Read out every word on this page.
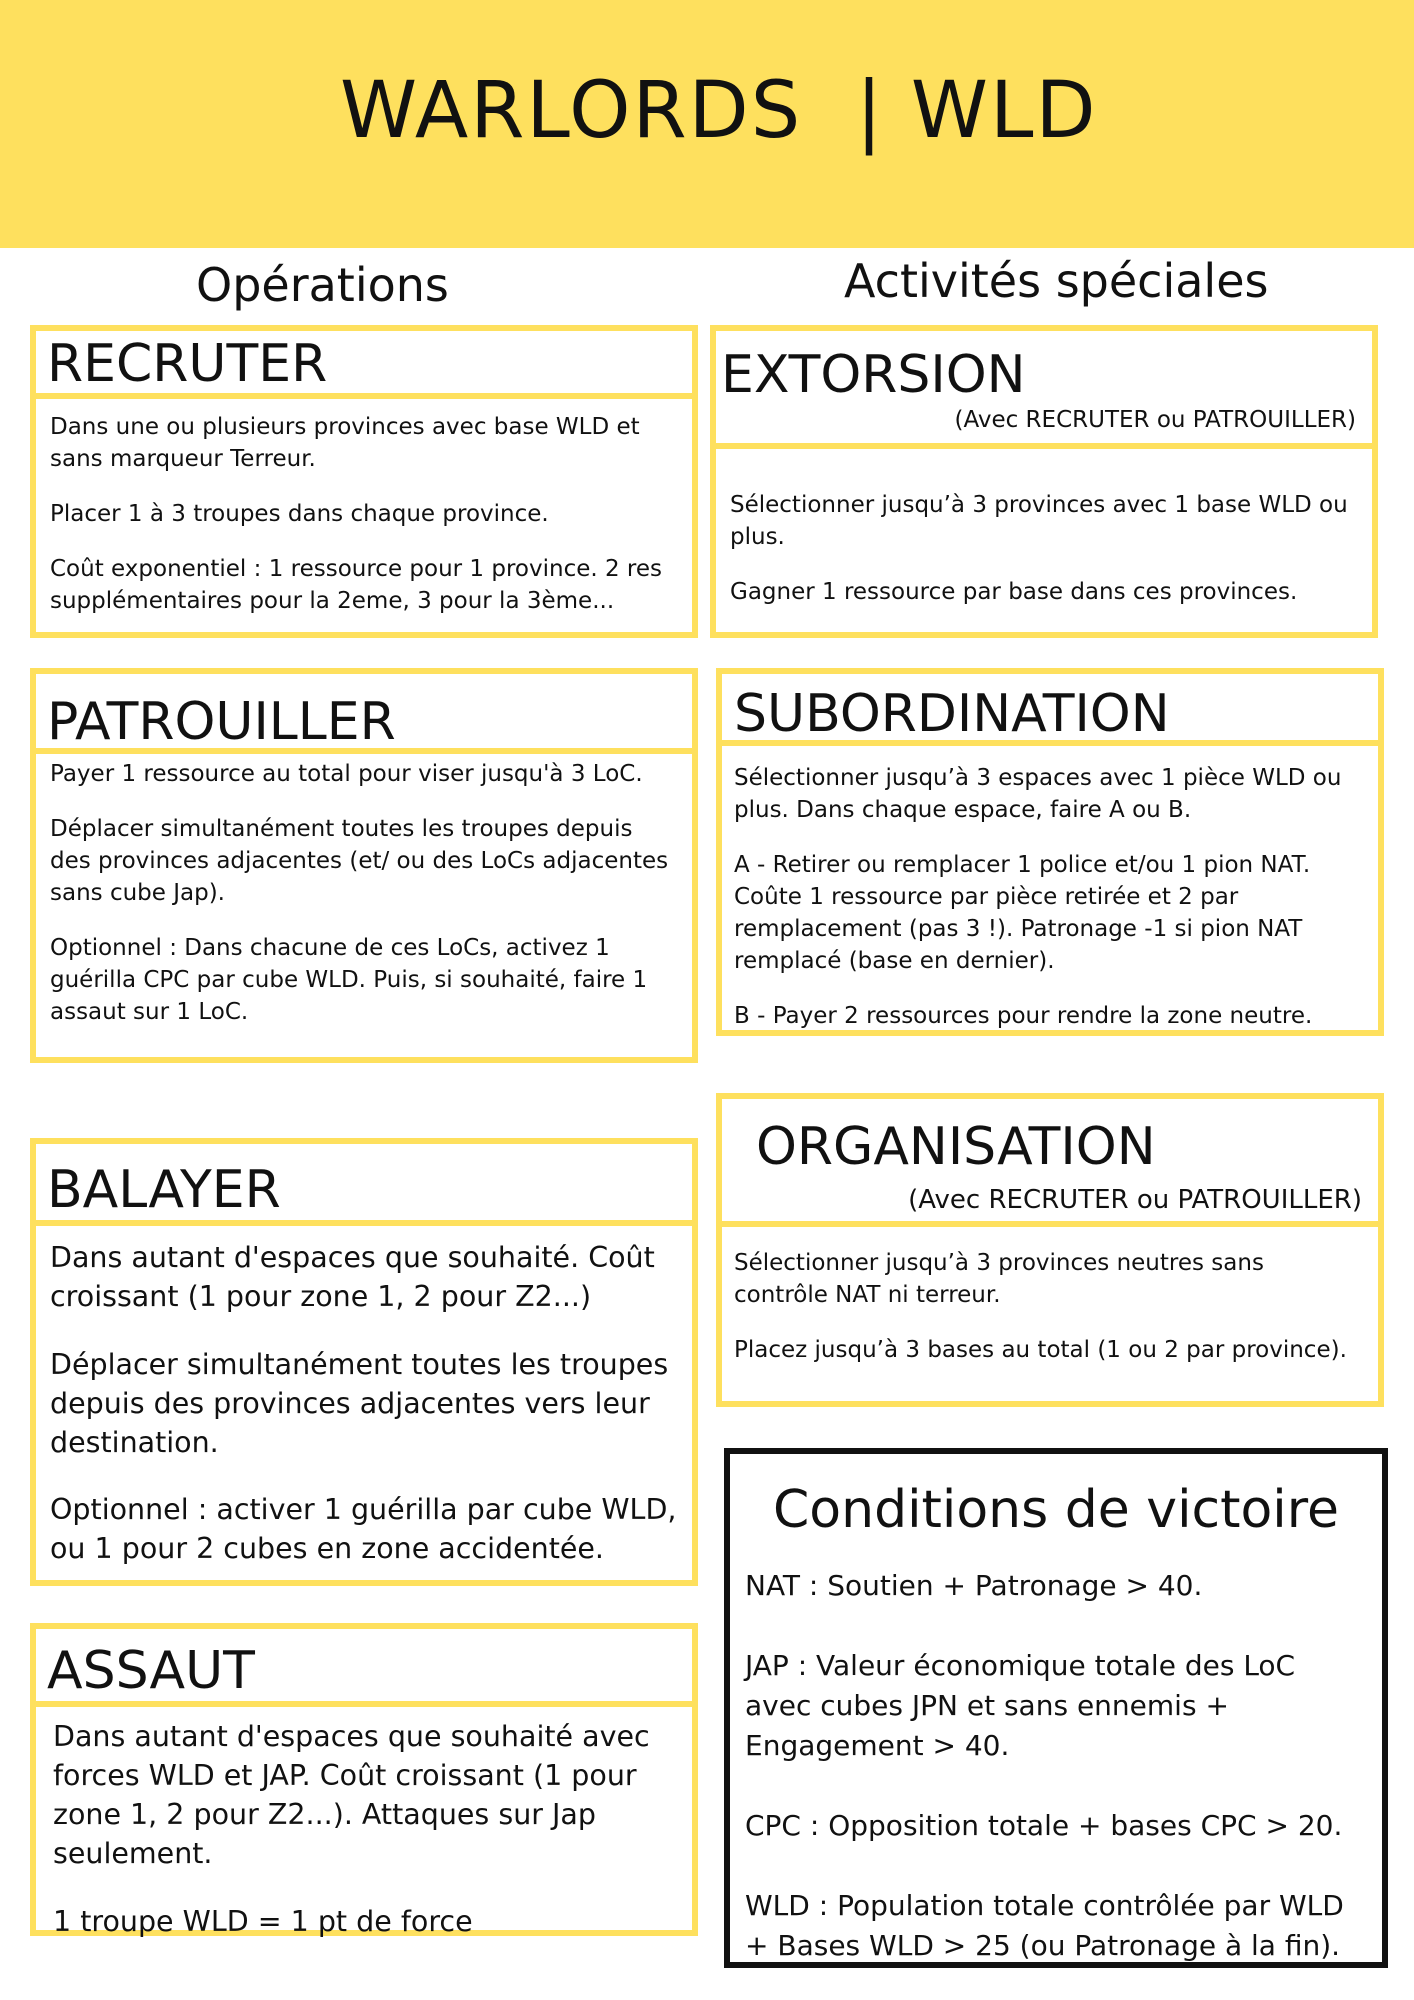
WARLORDS  | WLD
Opérations	Activités spéciales
RECRUTER

Dans une ou plusieurs provinces avec base WLD et sans marqueur Terreur.

Placer 1 à 3 troupes dans chaque province.

Coût exponentiel : 1 ressource pour 1 province. 2 res supplémentaires pour la 2eme, 3 pour la 3ème...

PATROUILLER

Payer 1 ressource au total pour viser jusqu'à 3 LoC.

Déplacer simultanément toutes les troupes depuis des provinces adjacentes (et/ ou des LoCs adjacentes sans cube Jap).

Optionnel : Dans chacune de ces LoCs, activez 1 guérilla CPC par cube WLD. Puis, si souhaité, faire 1 assaut sur 1 LoC.

BALAYER

Dans autant d'espaces que souhaité. Coût croissant (1 pour zone 1, 2 pour Z2...)

Déplacer simultanément toutes les troupes depuis des provinces adjacentes vers leur destination.

Optionnel : activer 1 guérilla par cube WLD, ou 1 pour 2 cubes en zone accidentée.

ASSAUT

Dans autant d'espaces que souhaité avec forces WLD et JAP. Coût croissant (1 pour zone 1, 2 pour Z2...). Attaques sur Jap seulement.

1 troupe WLD = 1 pt de force

EXTORSION

(Avec RECRUTER ou PATROUILLER)

Sélectionner jusqu’à 3 provinces avec 1 base WLD ou plus.

Gagner 1 ressource par base dans ces provinces.

SUBORDINATION

Sélectionner jusqu’à 3 espaces avec 1 pièce WLD ou plus. Dans chaque espace, faire A ou B.

A - Retirer ou remplacer 1 police et/ou 1 pion NAT. Coûte 1 ressource par pièce retirée et 2 par remplacement (pas 3 !). Patronage -1 si pion NAT remplacé (base en dernier).

B - Payer 2 ressources pour rendre la zone neutre.

ORGANISATION

(Avec RECRUTER ou PATROUILLER)

Sélectionner jusqu’à 3 provinces neutres sans contrôle NAT ni terreur.

Placez jusqu’à 3 bases au total (1 ou 2 par province).

Conditions de victoire

NAT : Soutien + Patronage > 40.

JAP : Valeur économique totale des LoC avec cubes JPN et sans ennemis + Engagement > 40.

CPC : Opposition totale + bases CPC > 20.

WLD : Population totale contrôlée par WLD + Bases WLD > 25 (ou Patronage à la fin).
